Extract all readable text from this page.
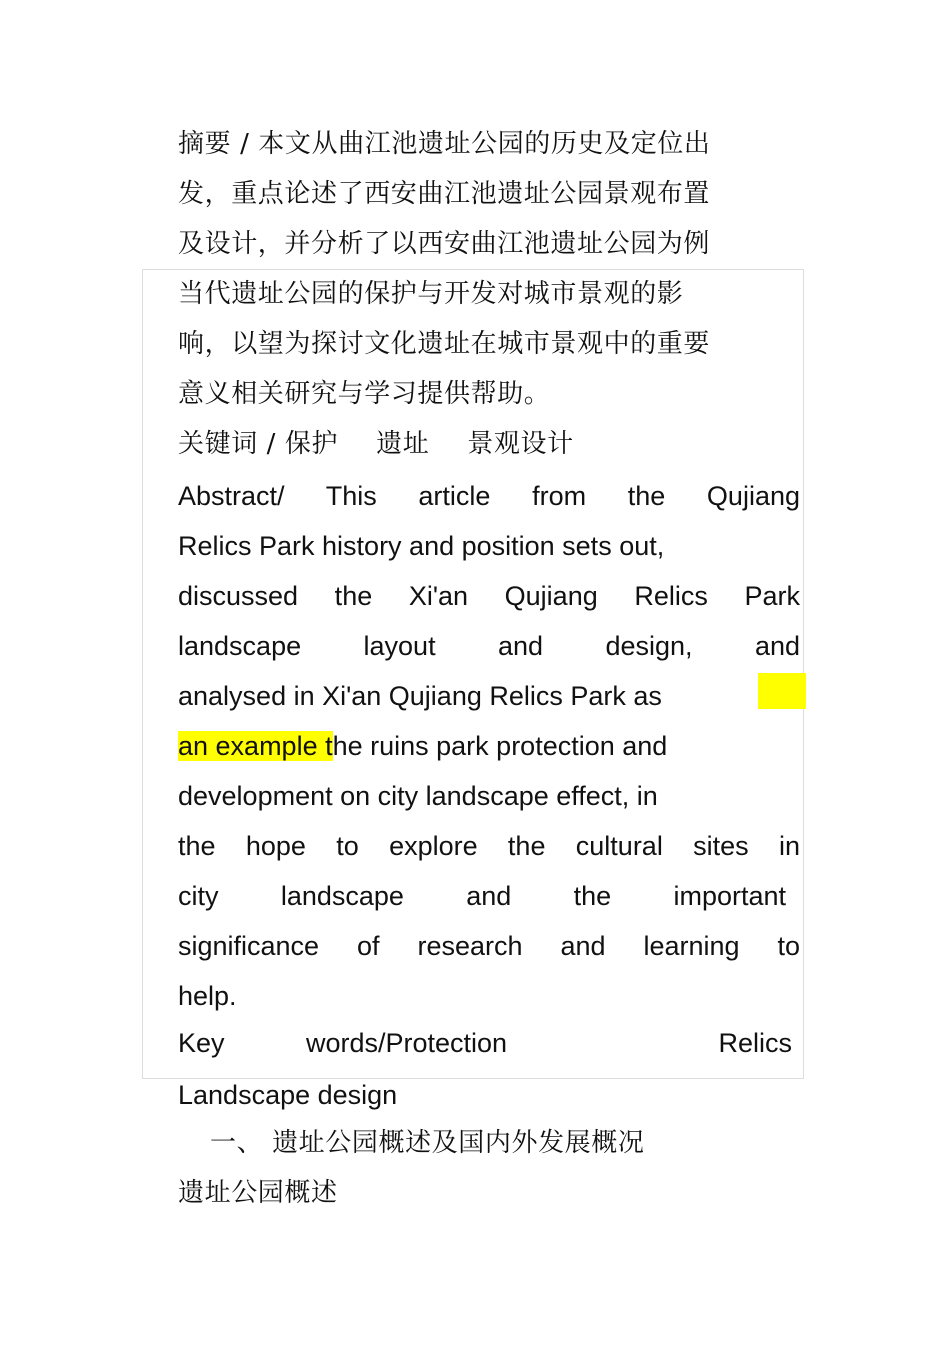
摘要 / 本文从曲江池遗址公园的历史及定位出
发，重点论述了西安曲江池遗址公园景观布置
及设计，并分析了以西安曲江池遗址公园为例
当代遗址公园的保护与开发对城市景观的影
响，以望为探讨文化遗址在城市景观中的重要
意义相关研究与学习提供帮助。
关键词 / 保护 遗址 景观设计
Abstract/ This article from the Qujiang
Relics Park history and position sets out,
discussed the Xi'an Qujiang Relics Park
landscape layout and design, and
analysed in Xi'an Qujiang Relics Park as
an example the ruins park protection and
development on city landscape effect, in
the hope to explore the cultural sites in
city landscape and the important
significance of research and learning to
help.
Key	words/Protection	Relics
Landscape design
一、 遗址公园概述及国内外发展概况
遗址公园概述
